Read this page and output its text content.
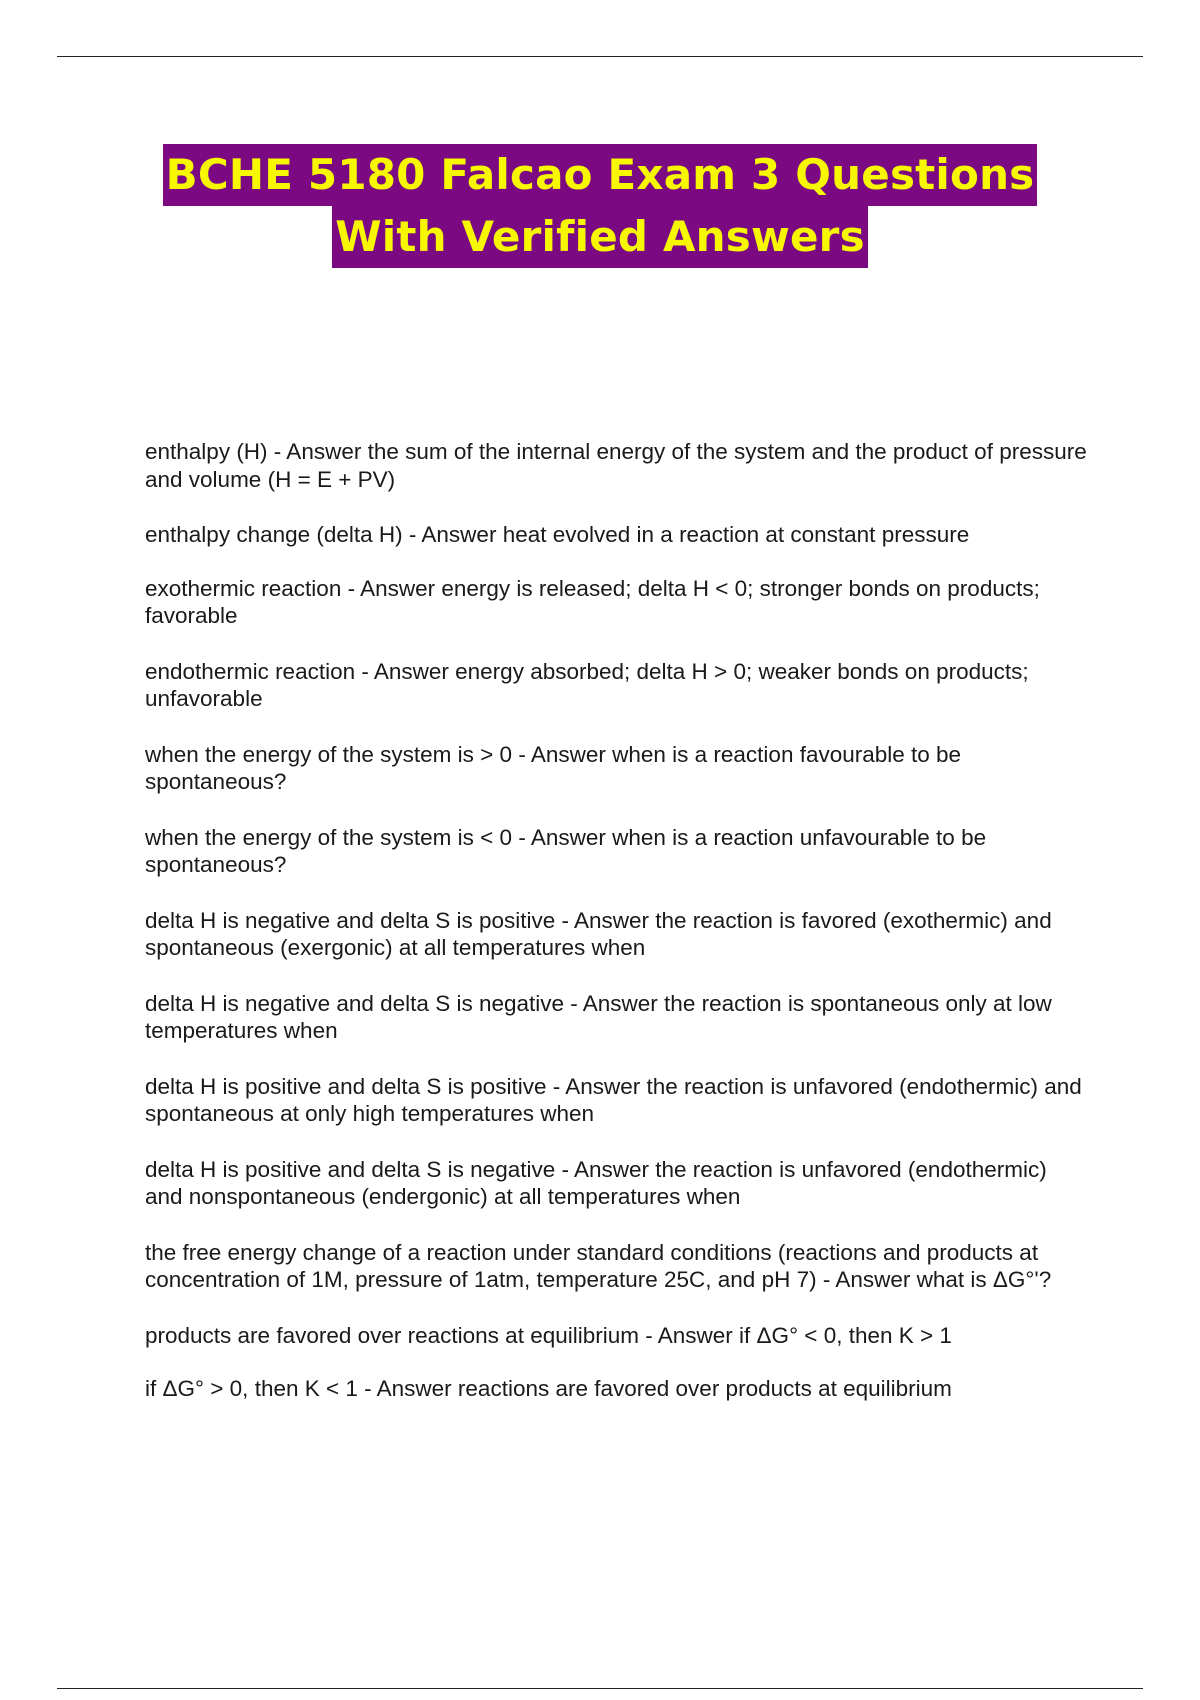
BCHE 5180 Falcao Exam 3 Questions
With Verified Answers
enthalpy (H) - Answer the sum of the internal energy of the system and the product of pressure and volume (H = E + PV)
enthalpy change (delta H) - Answer heat evolved in a reaction at constant pressure
exothermic reaction - Answer energy is released; delta H < 0; stronger bonds on products; favorable
endothermic reaction - Answer energy absorbed; delta H > 0; weaker bonds on products; unfavorable
when the energy of the system is > 0 - Answer when is a reaction favourable to be spontaneous?
when the energy of the system is < 0 - Answer when is a reaction unfavourable to be spontaneous?
delta H is negative and delta S is positive - Answer the reaction is favored (exothermic) and spontaneous (exergonic) at all temperatures when
delta H is negative and delta S is negative - Answer the reaction is spontaneous only at low temperatures when
delta H is positive and delta S is positive - Answer the reaction is unfavored (endothermic) and spontaneous at only high temperatures when
delta H is positive and delta S is negative - Answer the reaction is unfavored (endothermic) and nonspontaneous (endergonic) at all temperatures when
the free energy change of a reaction under standard conditions (reactions and products at concentration of 1M, pressure of 1atm, temperature 25C, and pH 7) - Answer what is ΔG°'?
products are favored over reactions at equilibrium - Answer if ΔG° < 0, then K > 1
if ΔG° > 0, then K < 1 - Answer reactions are favored over products at equilibrium
